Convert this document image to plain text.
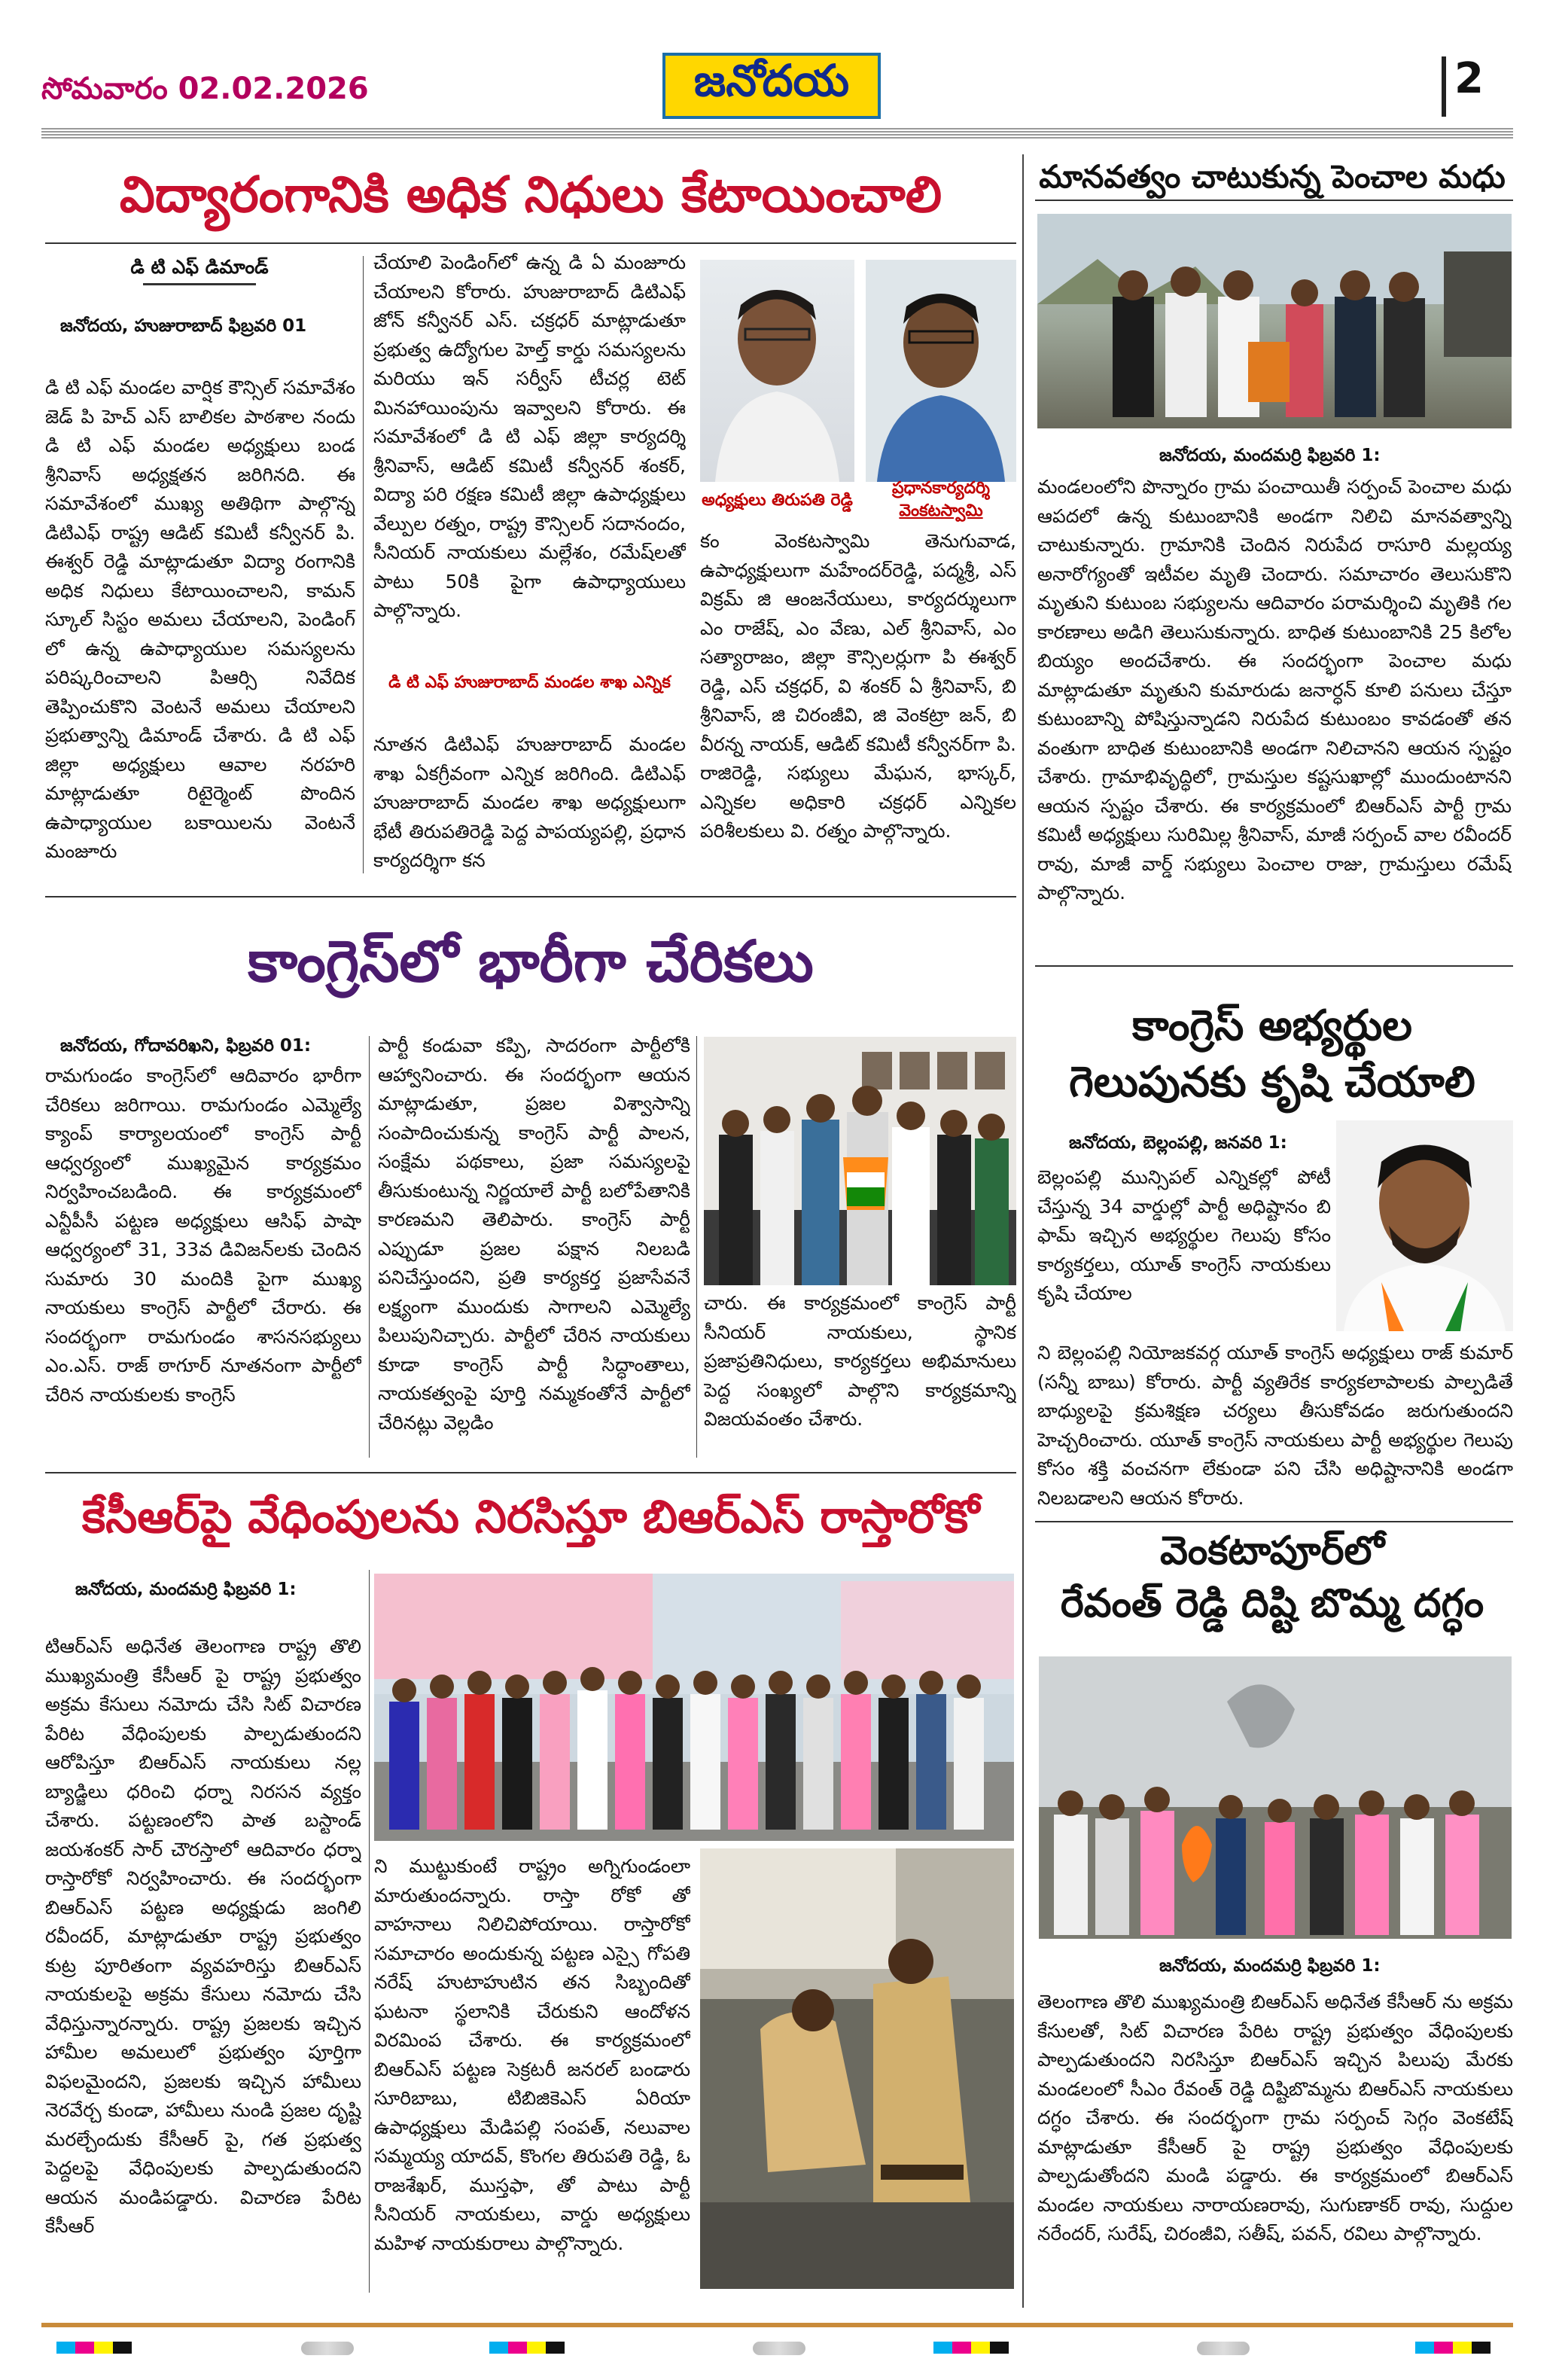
సోమవారం 02.02.2026	జనోదయ	2
విద్యారంగానికి అధిక నిధులు కేటాయించాలి
డి టి ఎఫ్ డిమాండ్
జనోదయ, హుజురాబాద్ ఫిబ్రవరి 01
డి టి ఎఫ్ మండల వార్షిక కౌన్సిల్ సమావేశం జెడ్ పి హెచ్ ఎస్ బాలికల పాఠశాల నందు డి టి ఎఫ్ మండల అధ్యక్షులు బండ శ్రీనివాస్ అధ్యక్షతన జరిగినది. ఈ సమావేశంలో ముఖ్య అతిథిగా పాల్గొన్న డిటిఎఫ్ రాష్ట్ర ఆడిట్ కమిటీ కన్వీనర్ పి. ఈశ్వర్ రెడ్డి మాట్లాడుతూ విద్యా రంగానికి అధిక నిధులు కేటాయించాలని, కామన్ స్కూల్ సిస్టం అమలు చేయాలని, పెండింగ్ లో ఉన్న ఉపాధ్యాయుల సమస్యలను పరిష్కరించాలని పిఆర్సి నివేదిక తెప్పించుకొని వెంటనే అమలు చేయాలని ప్రభుత్వాన్ని డిమాండ్ చేశారు. డి టి ఎఫ్ జిల్లా అధ్యక్షులు ఆవాల నరహరి మాట్లాడుతూ రిటైర్మెంట్ పొందిన ఉపాధ్యాయుల బకాయిలను వెంటనే మంజూరు
చేయాలి పెండింగ్‌లో ఉన్న డి ఏ మంజూరు చేయాలని కోరారు. హుజురాబాద్ డిటిఎఫ్ జోన్ కన్వీనర్ ఎస్. చక్రధర్ మాట్లాడుతూ ప్రభుత్వ ఉద్యోగుల హెల్త్ కార్డు సమస్యలను మరియు ఇన్ సర్వీస్ టీచర్ల టెట్ మినహాయింపును ఇవ్వాలని కోరారు. ఈ సమావేశంలో డి టి ఎఫ్ జిల్లా కార్యదర్శి శ్రీనివాస్, ఆడిట్ కమిటీ కన్వీనర్ శంకర్, విద్యా పరి రక్షణ కమిటీ జిల్లా ఉపాధ్యక్షులు వేల్పుల రత్నం, రాష్ట్ర కౌన్సిలర్ సదానందం, సీనియర్ నాయకులు మల్లేశం, రమేష్‌లతో పాటు 50కి పైగా ఉపాధ్యాయులు పాల్గొన్నారు.
డి టి ఎఫ్ హుజురాబాద్ మండల శాఖ ఎన్నిక
నూతన డిటిఎఫ్ హుజురాబాద్ మండల శాఖ ఏకగ్రీవంగా ఎన్నిక జరిగింది. డిటిఎఫ్ హుజురాబాద్ మండల శాఖ అధ్యక్షులుగా భేటీ తిరుపతిరెడ్డి పెద్ద పాపయ్యపల్లి, ప్రధాన కార్యదర్శిగా కన
అధ్యక్షులు తిరుపతి రెడ్డి
ప్రధానకార్యదర్శి
వెంకటస్వామి
కం వెంకటస్వామి తెనుగువాడ, ఉపాధ్యక్షులుగా మహేందర్‌రెడ్డి, పద్మశ్రీ, ఎస్ విక్రమ్ జి ఆంజనేయులు, కార్యదర్శులుగా ఎం రాజేష్, ఎం వేణు, ఎల్ శ్రీనివాస్, ఎం సత్యారాజం, జిల్లా కౌన్సిలర్లుగా పి ఈశ్వర్ రెడ్డి, ఎస్ చక్రధర్, వి శంకర్ ఏ శ్రీనివాస్, బి శ్రీనివాస్, జి చిరంజీవి, జి వెంకట్రా జన్, బి వీరన్న నాయక్, ఆడిట్ కమిటీ కన్వీనర్‌గా పి. రాజిరెడ్డి, సభ్యులు మేఘన, భాస్కర్, ఎన్నికల అధికారి చక్రధర్ ఎన్నికల పరిశీలకులు వి. రత్నం పాల్గొన్నారు.
మానవత్వం చాటుకున్న పెంచాల మధు
జనోదయ, మందమర్రి ఫిబ్రవరి 1:
మండలంలోని పొన్నారం గ్రామ పంచాయితీ సర్పంచ్ పెంచాల మధు ఆపదలో ఉన్న కుటుంబానికి అండగా నిలిచి మానవత్వాన్ని చాటుకున్నారు. గ్రామానికి చెందిన నిరుపేద రాసూరి మల్లయ్య అనారోగ్యంతో ఇటీవల మృతి చెందారు. సమాచారం తెలుసుకొని మృతుని కుటుంబ సభ్యులను ఆదివారం పరామర్శించి మృతికి గల కారణాలు అడిగి తెలుసుకున్నారు. బాధిత కుటుంబానికి 25 కిలోల బియ్యం అందచేశారు. ఈ సందర్భంగా పెంచాల మధు మాట్లాడుతూ మృతుని కుమారుడు జనార్ధన్ కూలి పనులు చేస్తూ కుటుంబాన్ని పోషిస్తున్నాడని నిరుపేద కుటుంబం కావడంతో తన వంతుగా బాధిత కుటుంబానికి అండగా నిలిచానని ఆయన స్పష్టం చేశారు. గ్రామాభివృద్ధిలో, గ్రామస్తుల కష్టసుఖాల్లో ముందుంటానని ఆయన స్పష్టం చేశారు. ఈ కార్యక్రమంలో బిఆర్ఎస్ పార్టీ గ్రామ కమిటీ అధ్యక్షులు సురిమిల్ల శ్రీనివాస్, మాజీ సర్పంచ్ వాల రవీందర్ రావు, మాజీ వార్డ్ సభ్యులు పెంచాల రాజు, గ్రామస్తులు రమేష్ పాల్గొన్నారు.
కాంగ్రెస్‌లో భారీగా చేరికలు
జనోదయ, గోదావరిఖని, ఫిబ్రవరి 01:
రామగుండం కాంగ్రెస్‌లో ఆదివారం భారీగా చేరికలు జరిగాయి. రామగుండం ఎమ్మెల్యే క్యాంప్ కార్యాలయంలో కాంగ్రెస్ పార్టీ ఆధ్వర్యంలో ముఖ్యమైన కార్యక్రమం నిర్వహించబడింది. ఈ కార్యక్రమంలో ఎన్టీపీసీ పట్టణ అధ్యక్షులు ఆసిఫ్ పాషా ఆధ్వర్యంలో 31, 33వ డివిజన్‌లకు చెందిన సుమారు 30 మందికి పైగా ముఖ్య నాయకులు కాంగ్రెస్ పార్టీలో చేరారు. ఈ సందర్భంగా రామగుండం శాసనసభ్యులు ఎం.ఎస్. రాజ్ ఠాగూర్ నూతనంగా పార్టీలో చేరిన నాయకులకు కాంగ్రెస్
పార్టీ కండువా కప్పి, సాదరంగా పార్టీలోకి ఆహ్వానించారు. ఈ సందర్భంగా ఆయన మాట్లాడుతూ, ప్రజల విశ్వాసాన్ని సంపాదించుకున్న కాంగ్రెస్ పార్టీ పాలన, సంక్షేమ పథకాలు, ప్రజా సమస్యలపై తీసుకుంటున్న నిర్ణయాలే పార్టీ బలోపేతానికి కారణమని తెలిపారు. కాంగ్రెస్ పార్టీ ఎప్పుడూ ప్రజల పక్షాన నిలబడి పనిచేస్తుందని, ప్రతి కార్యకర్త ప్రజాసేవనే లక్ష్యంగా ముందుకు సాగాలని ఎమ్మెల్యే పిలుపునిచ్చారు. పార్టీలో చేరిన నాయకులు కూడా కాంగ్రెస్ పార్టీ సిద్ధాంతాలు, నాయకత్వంపై పూర్తి నమ్మకంతోనే పార్టీలో చేరినట్లు వెల్లడిం
చారు. ఈ కార్యక్రమంలో కాంగ్రెస్ పార్టీ సీనియర్ నాయకులు, స్థానిక ప్రజాప్రతినిధులు, కార్యకర్తలు అభిమానులు పెద్ద సంఖ్యలో పాల్గొని కార్యక్రమాన్ని విజయవంతం చేశారు.
కాంగ్రెస్ అభ్యర్థుల
గెలుపునకు కృషి చేయాలి
జనోదయ, బెల్లంపల్లి, జనవరి 1:
బెల్లంపల్లి మున్సిపల్ ఎన్నికల్లో పోటీ చేస్తున్న 34 వార్డుల్లో పార్టీ అధిష్టానం బి ఫామ్ ఇచ్చిన అభ్యర్థుల గెలుపు కోసం కార్యకర్తలు, యూత్ కాంగ్రెస్ నాయకులు కృషి చేయాల
ని బెల్లంపల్లి నియోజకవర్గ యూత్ కాంగ్రెస్ అధ్యక్షులు రాజ్ కుమార్ (సన్నీ బాబు) కోరారు. పార్టీ వ్యతిరేక కార్యకలాపాలకు పాల్పడితే బాధ్యులపై క్రమశిక్షణ చర్యలు తీసుకోవడం జరుగుతుందని హెచ్చరించారు. యూత్ కాంగ్రెస్ నాయకులు పార్టీ అభ్యర్థుల గెలుపు కోసం శక్తి వంచనగా లేకుండా పని చేసి అధిష్టానానికి అండగా నిలబడాలని ఆయన కోరారు.
కేసీఆర్‌పై వేధింపులను నిరసిస్తూ బిఆర్ఎస్ రాస్తారోకో
జనోదయ, మందమర్రి ఫిబ్రవరి 1:
టిఆర్ఎస్ అధినేత తెలంగాణ రాష్ట్ర తొలి ముఖ్యమంత్రి కేసీఆర్ పై రాష్ట్ర ప్రభుత్వం అక్రమ కేసులు నమోదు చేసి సిట్ విచారణ పేరిట వేధింపులకు పాల్పడుతుందని ఆరోపిస్తూ బిఆర్ఎస్ నాయకులు నల్ల బ్యాడ్జిలు ధరించి ధర్నా నిరసన వ్యక్తం చేశారు. పట్టణంలోని పాత బస్టాండ్ జయశంకర్ సార్ చౌరస్తాలో ఆదివారం ధర్నా రాస్తారోకో నిర్వహించారు. ఈ సందర్భంగా బిఆర్ఎస్ పట్టణ అధ్యక్షుడు జంగిలి రవీందర్, మాట్లాడుతూ రాష్ట్ర ప్రభుత్వం కుట్ర పూరితంగా వ్యవహరిస్తు బిఆర్ఎస్ నాయకులపై అక్రమ కేసులు నమోదు చేసి వేధిస్తున్నారన్నారు. రాష్ట్ర ప్రజలకు ఇచ్చిన హామీల అమలులో ప్రభుత్వం పూర్తిగా విఫలమైందని, ప్రజలకు ఇచ్చిన హామీలు నెరవేర్చ కుండా, హామీలు నుండి ప్రజల దృష్టి మరల్చేందుకు కేసీఆర్ పై, గత ప్రభుత్వ పెద్దలపై వేధింపులకు పాల్పడుతుందని ఆయన మండిపడ్డారు. విచారణ పేరిట కేసీఆర్
ని ముట్టుకుంటే రాష్ట్రం అగ్నిగుండంలా మారుతుందన్నారు. రాస్తా రోకో తో వాహనాలు నిలిచిపోయాయి. రాస్తారోకో సమాచారం అందుకున్న పట్టణ ఎస్సై గోపతి నరేష్ హుటాహుటిన తన సిబ్బందితో ఘటనా స్థలానికి చేరుకుని ఆందోళన విరమింప చేశారు. ఈ కార్యక్రమంలో బిఆర్ఎస్ పట్టణ సెక్రటరీ జనరల్ బండారు సూరిబాబు, టిబిజికెఎస్ ఏరియా ఉపాధ్యక్షులు మేడిపల్లి సంపత్, నలువాల సమ్మయ్య యాదవ్, కొంగల తిరుపతి రెడ్డి, ఓ రాజశేఖర్, ముస్తఫా, తో పాటు పార్టీ సీనియర్ నాయకులు, వార్డు అధ్యక్షులు మహిళ నాయకురాలు పాల్గొన్నారు.
వెంకటాపూర్‌లో
రేవంత్ రెడ్డి దిష్టి బొమ్మ దగ్ధం
జనోదయ, మందమర్రి ఫిబ్రవరి 1:
తెలంగాణ తొలి ముఖ్యమంత్రి బిఆర్ఎస్ అధినేత కేసీఆర్ ను అక్రమ కేసులతో, సిట్ విచారణ పేరిట రాష్ట్ర ప్రభుత్వం వేధింపులకు పాల్పడుతుందని నిరసిస్తూ బిఆర్ఎస్ ఇచ్చిన పిలుపు మేరకు మండలంలో సీఎం రేవంత్ రెడ్డి దిష్టిబొమ్మను బిఆర్ఎస్ నాయకులు దగ్ధం చేశారు. ఈ సందర్భంగా గ్రామ సర్పంచ్ సెగ్గం వెంకటేష్ మాట్లాడుతూ కేసీఆర్ పై రాష్ట్ర ప్రభుత్వం వేధింపులకు పాల్పడుతోందని మండి పడ్డారు. ఈ కార్యక్రమంలో బిఆర్ఎస్ మండల నాయకులు నారాయణరావు, సుగుణాకర్ రావు, సుద్దుల నరేందర్, సురేష్, చిరంజీవి, సతీష్, పవన్, రవిలు పాల్గొన్నారు.
